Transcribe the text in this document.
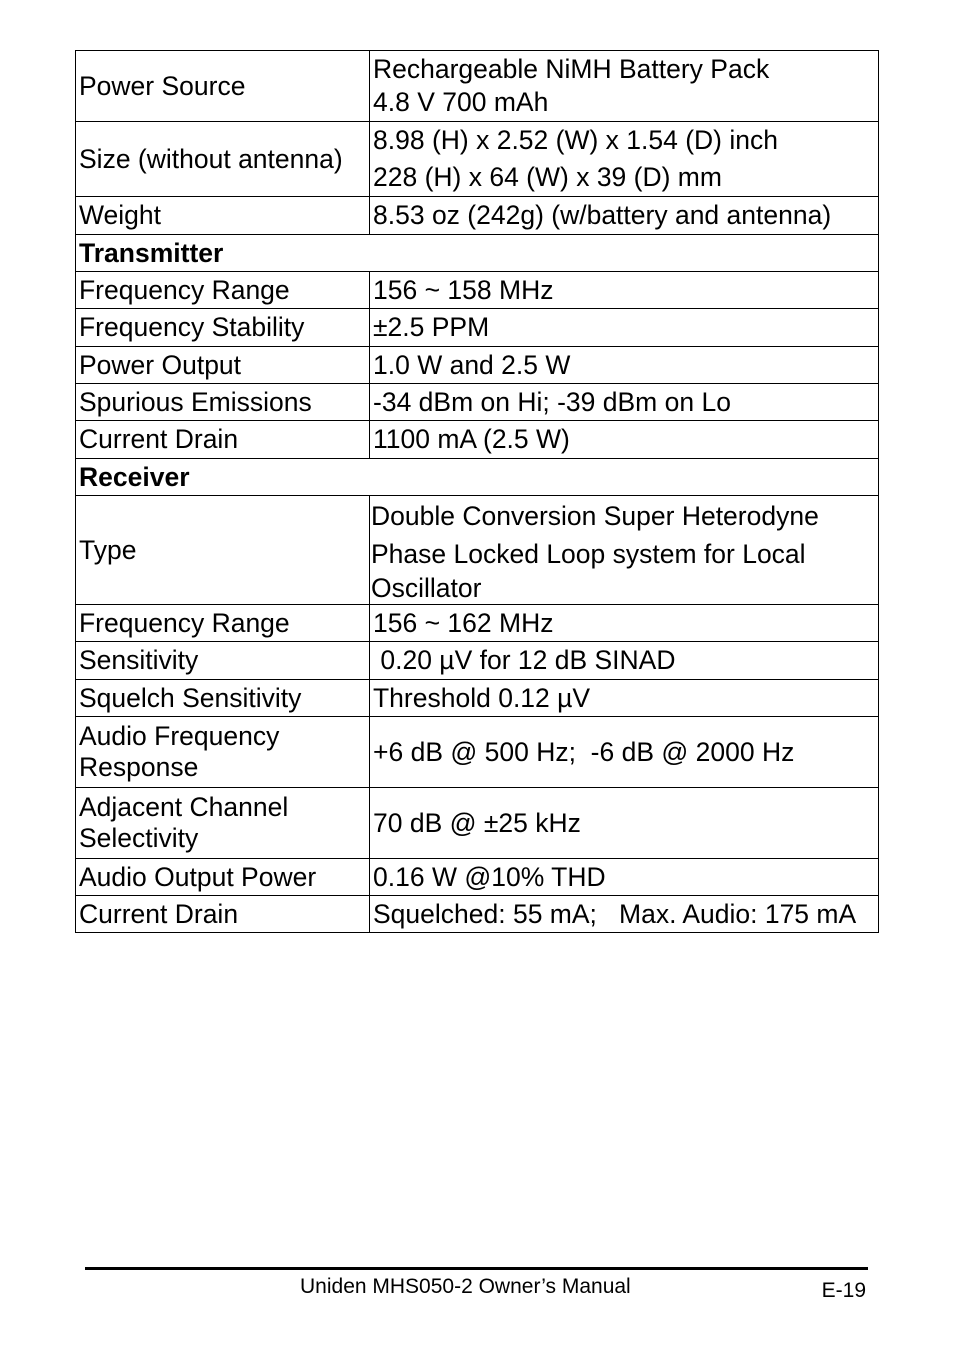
Power Source	Rechargeable NiMH Battery Pack
4.8 V 700 mAh

Size (without antenna)	8.98 (H) x 2.52 (W) x 1.54 (D) inch
228 (H) x 64 (W) x 39 (D) mm

Weight	8.53 oz (242g) (w/battery and antenna)

Transmitter	
Frequency Range	156 ~ 158 MHz

Frequency Stability	±2.5 PPM

Power Output	1.0 W and 2.5 W

Spurious Emissions	-34 dBm on Hi; -39 dBm on Lo

Current Drain	1100 mA (2.5 W)

Receiver	
Type	Double Conversion Super Heterodyne
Phase Locked Loop system for Local
Oscillator

Frequency Range	156 ~ 162 MHz

Sensitivity	0.20 µV for 12 dB SINAD

Squelch Sensitivity	Threshold 0.12 µV

Audio Frequency
Response	+6 dB @ 500 Hz;  -6 dB @ 2000 Hz

Adjacent Channel
Selectivity	70 dB @ ±25 kHz

Audio Output Power	0.16 W @10% THD

Current Drain	Squelched: 55 mA;   Max. Audio: 175 mA
Uniden MHS050-2 Owner’s Manual	E-19
